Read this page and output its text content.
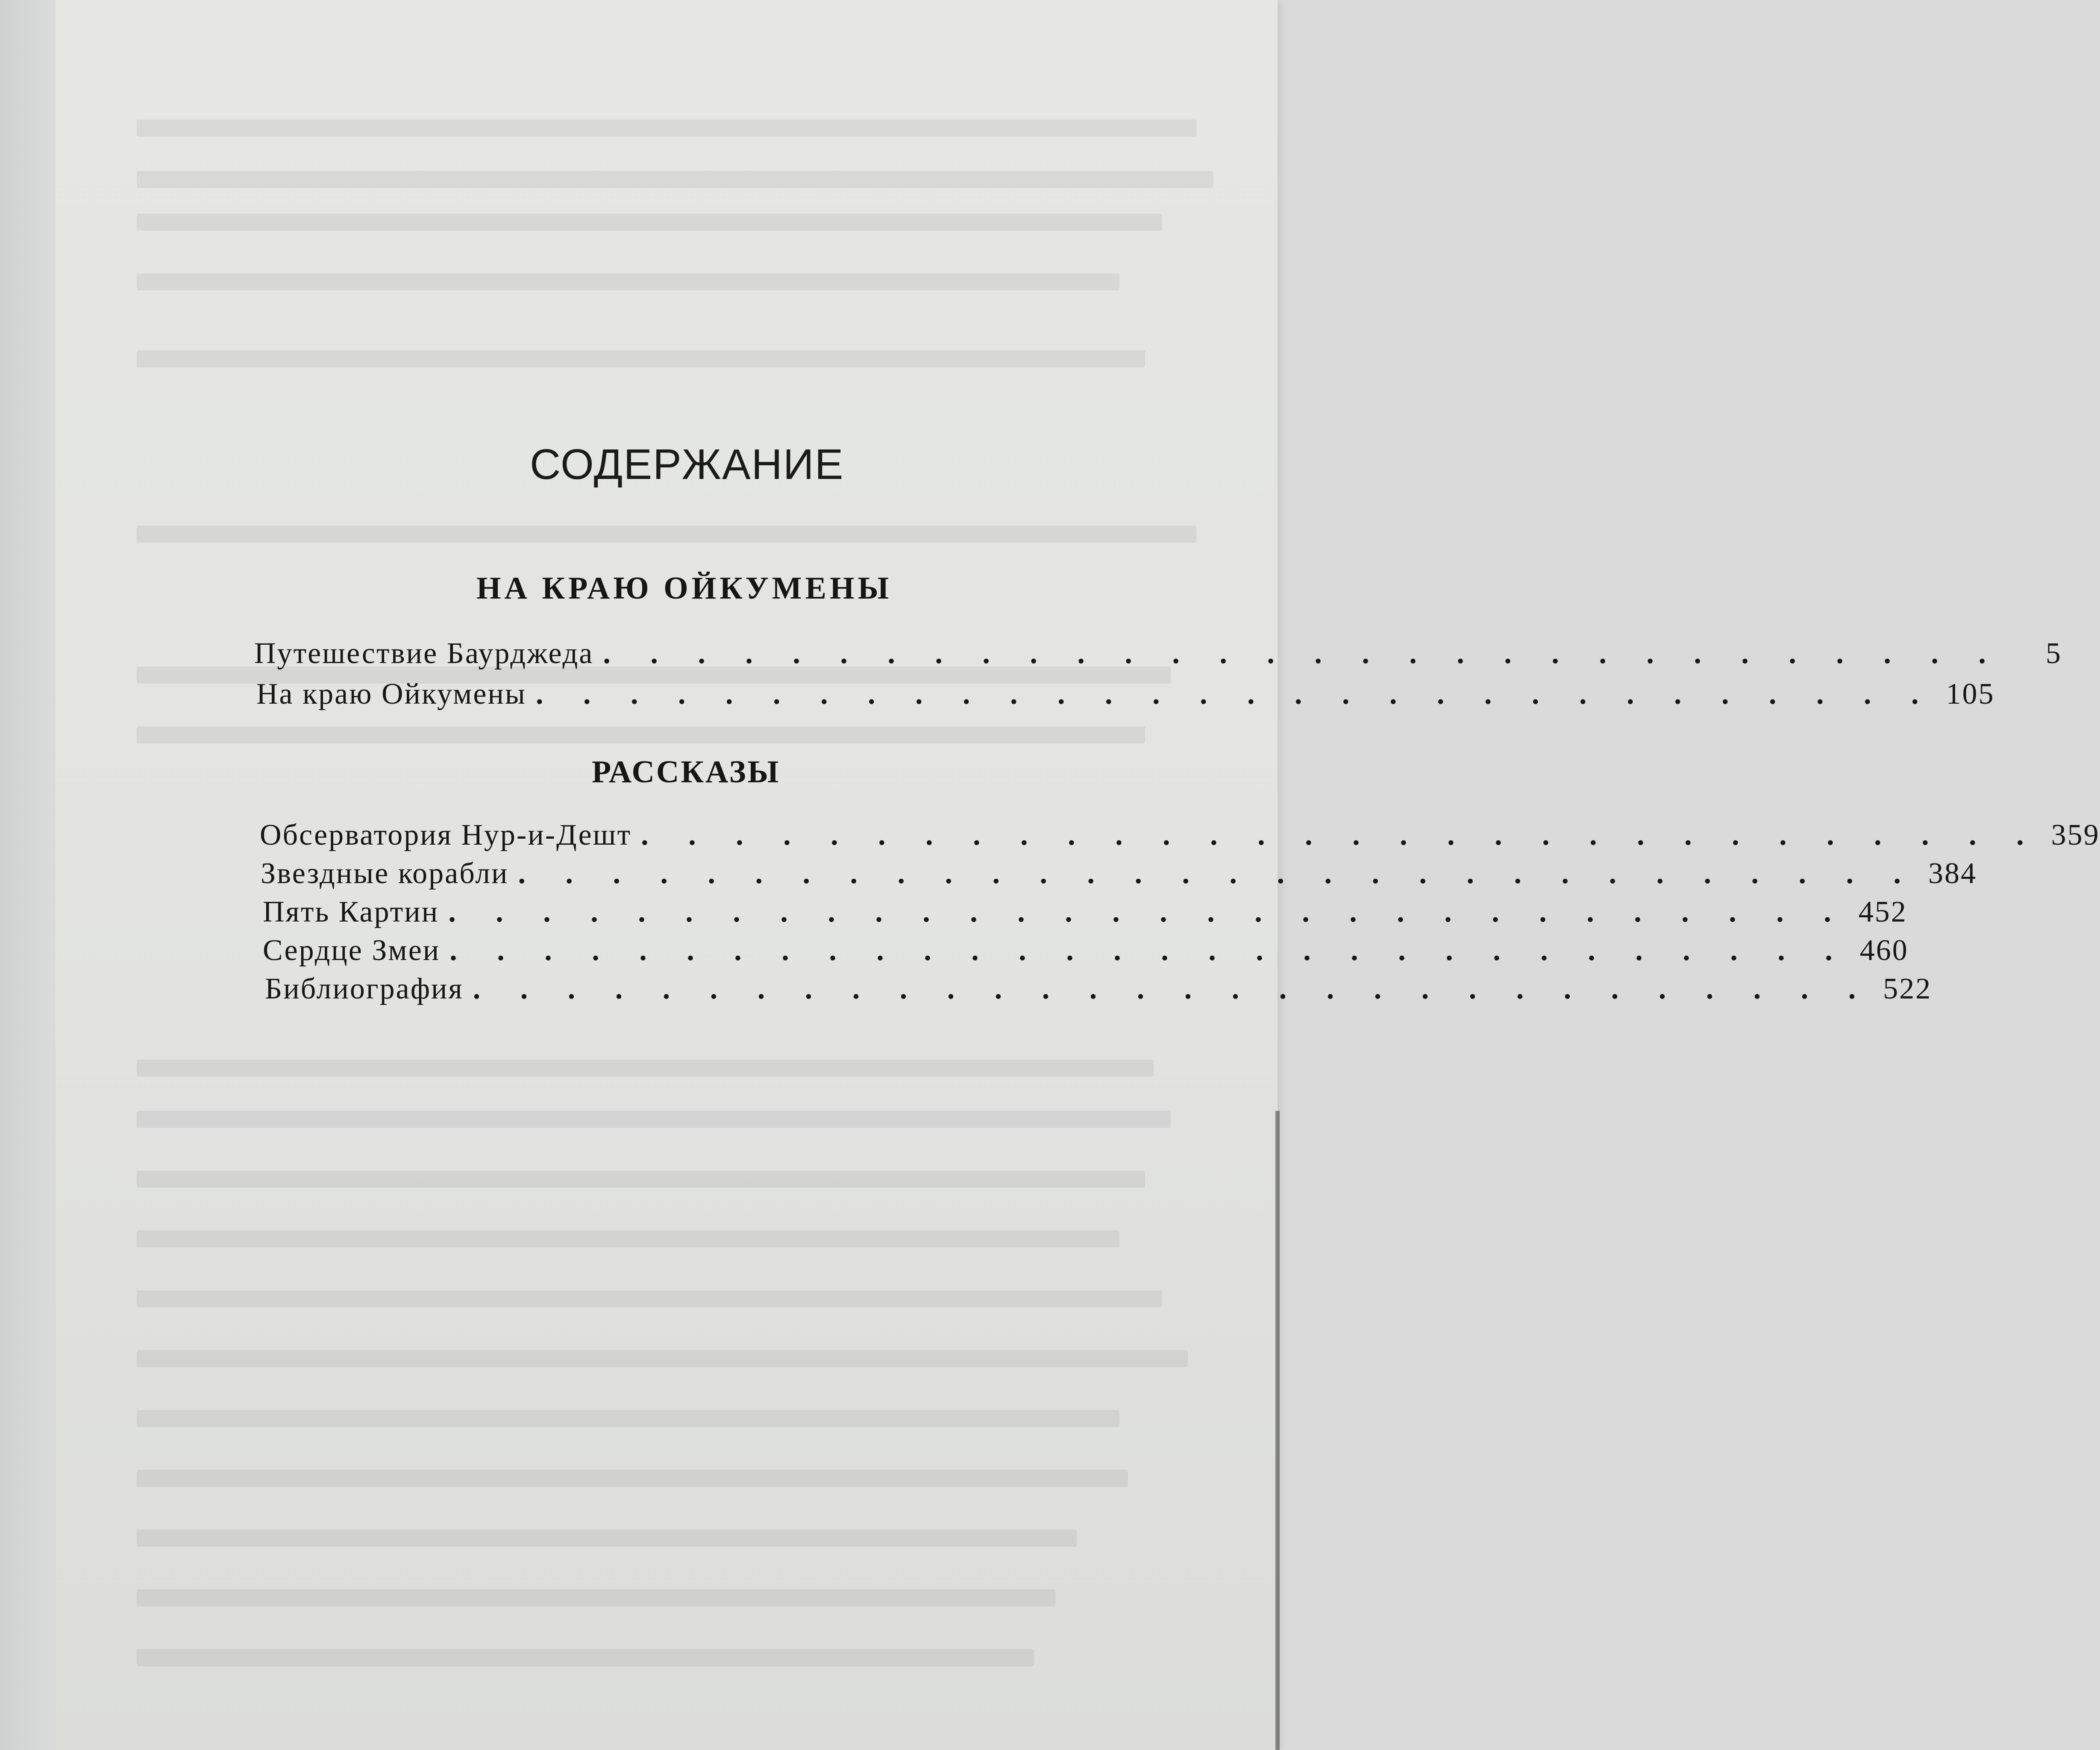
СОДЕРЖАНИЕ
НА КРАЮ ОЙКУМЕНЫ
Путешествие Баурджеда . . . . . . . . . . . . . . . . . . . . . . . . . . . . . .	5
На краю Ойкумены . . . . . . . . . . . . . . . . . . . . . . . . . . . . . . 105
РАССКАЗЫ
Обсерватория Нур-и-Дешт . . . . . . . . . . . . . . . . . . . . . . . . . . . . . . 359
Звездные корабли . . . . . . . . . . . . . . . . . . . . . . . . . . . . . . 384
Пять Картин . . . . . . . . . . . . . . . . . . . . . . . . . . . . . . 452
Сердце Змеи . . . . . . . . . . . . . . . . . . . . . . . . . . . . . . 460
Библиография . . . . . . . . . . . . . . . . . . . . . . . . . . . . . . 522
